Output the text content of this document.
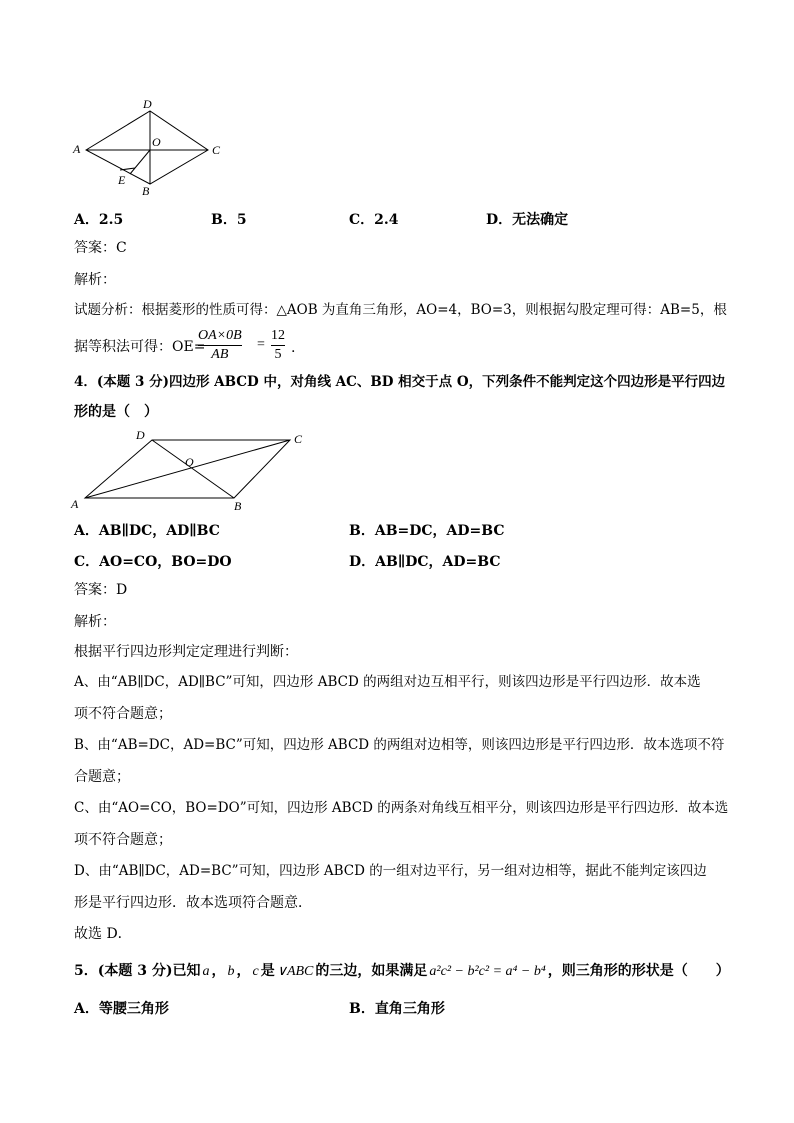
D
A	C
O
E
B
A．2.5	B．5	C．2.4	D．无法确定
答案：C
解析：
试题分析：根据菱形的性质可得：△AOB 为直角三角形，AO=4，BO=3，则根据勾股定理可得：AB=5，根
据等积法可得：OE=
OA×0B
AB
=
12
5 .
4．(本题 3 分)四边形 ABCD 中，对角线 AC、BD 相交于点 O，下列条件不能判定这个四边形是平行四边
形的是（　）
D	C
O
A	B
A．AB∥DC，AD∥BC	B．AB=DC，AD=BC
C．AO=CO，BO=DO	D．AB∥DC，AD=BC
答案：D
解析：
根据平行四边形判定定理进行判断：
A、由“AB∥DC，AD∥BC”可知，四边形 ABCD 的两组对边互相平行，则该四边形是平行四边形．故本选
项不符合题意；
B、由“AB=DC，AD=BC”可知，四边形 ABCD 的两组对边相等，则该四边形是平行四边形．故本选项不符
合题意；
C、由“AO=CO，BO=DO”可知，四边形 ABCD 的两条对角线互相平分，则该四边形是平行四边形．故本选
项不符合题意；
D、由“AB∥DC，AD=BC”可知，四边形 ABCD 的一组对边平行，另一组对边相等，据此不能判定该四边
形是平行四边形．故本选项符合题意．
故选 D．
5．(本题 3 分)已知 a ， b ， c 是 ∨ABC 的三边，如果满足 a²c² − b²c² = a⁴ − b⁴ ，则三角形的形状是（　　）
A．等腰三角形	B．直角三角形
